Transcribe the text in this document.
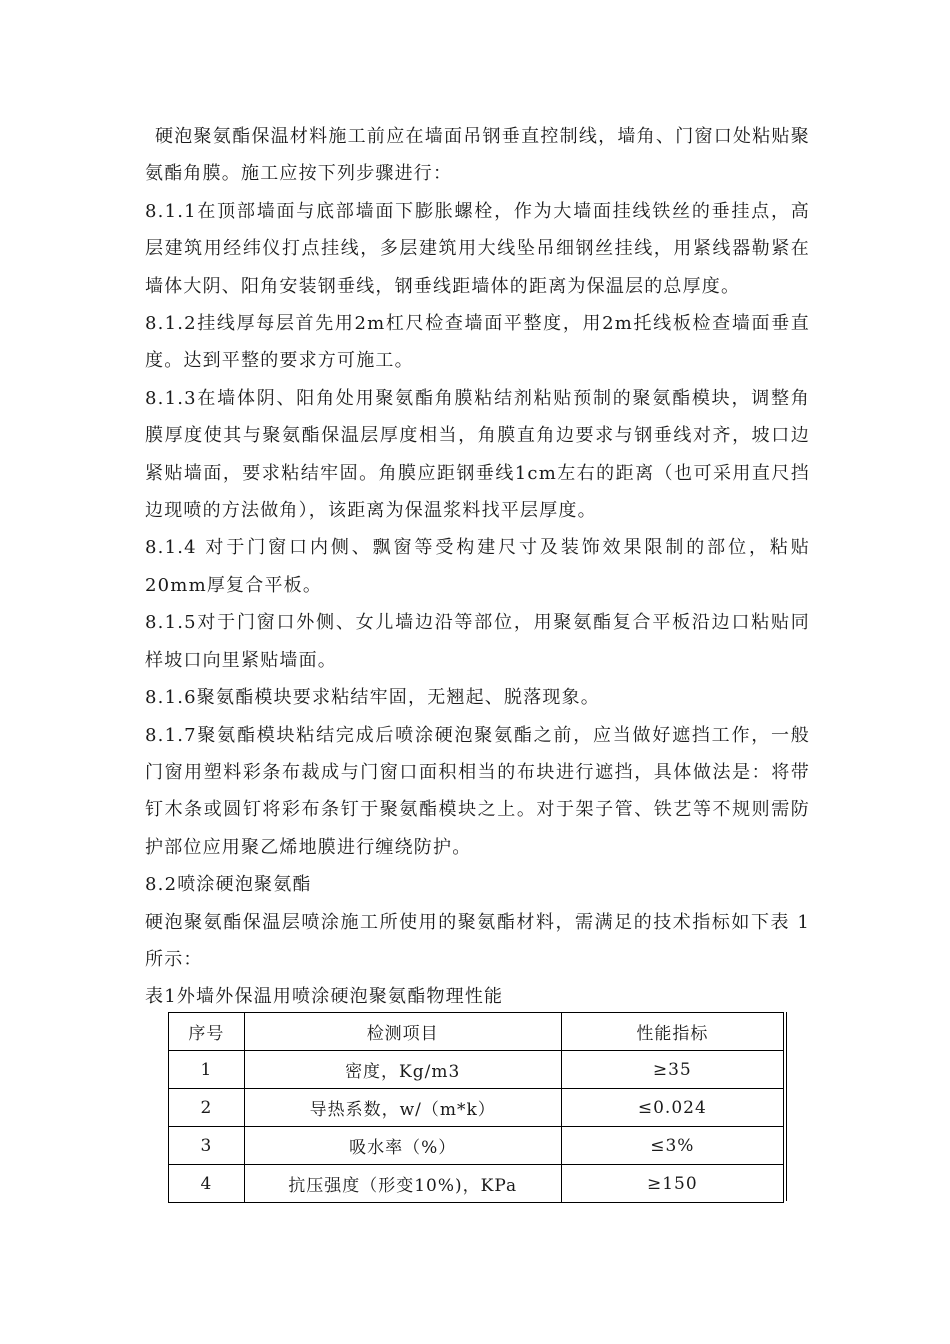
硬泡聚氨酯保温材料施工前应在墙面吊钢垂直控制线，墙角、门窗口处粘贴聚氨酯角膜。施工应按下列步骤进行：

8.1.1在顶部墙面与底部墙面下膨胀螺栓，作为大墙面挂线铁丝的垂挂点，高层建筑用经纬仪打点挂线，多层建筑用大线坠吊细钢丝挂线，用紧线器勒紧在墙体大阴、阳角安装钢垂线，钢垂线距墙体的距离为保温层的总厚度。

8.1.2挂线厚每层首先用2m杠尺检查墙面平整度，用2m托线板检查墙面垂直度。达到平整的要求方可施工。

8.1.3在墙体阴、阳角处用聚氨酯角膜粘结剂粘贴预制的聚氨酯模块，调整角膜厚度使其与聚氨酯保温层厚度相当，角膜直角边要求与钢垂线对齐，坡口边紧贴墙面，要求粘结牢固。角膜应距钢垂线1cm左右的距离（也可采用直尺挡边现喷的方法做角），该距离为保温浆料找平层厚度。

8.1.4 对于门窗口内侧、飘窗等受构建尺寸及装饰效果限制的部位，粘贴 20mm厚复合平板。

8.1.5对于门窗口外侧、女儿墙边沿等部位，用聚氨酯复合平板沿边口粘贴同样坡口向里紧贴墙面。

8.1.6聚氨酯模块要求粘结牢固，无翘起、脱落现象。

8.1.7聚氨酯模块粘结完成后喷涂硬泡聚氨酯之前，应当做好遮挡工作，一般门窗用塑料彩条布裁成与门窗口面积相当的布块进行遮挡，具体做法是：将带钉木条或圆钉将彩布条钉于聚氨酯模块之上。对于架子管、铁艺等不规则需防护部位应用聚乙烯地膜进行缠绕防护。

8.2喷涂硬泡聚氨酯

硬泡聚氨酯保温层喷涂施工所使用的聚氨酯材料，需满足的技术指标如下表 1所示：

表1外墙外保温用喷涂硬泡聚氨酯物理性能

序号	检测项目	性能指标
1	密度，Kg/m3	≥35
2	导热系数，w/（m*k）	≤0.024
3	吸水率（%）	≤3%
4	抗压强度（形变10%)，KPa	≥150
